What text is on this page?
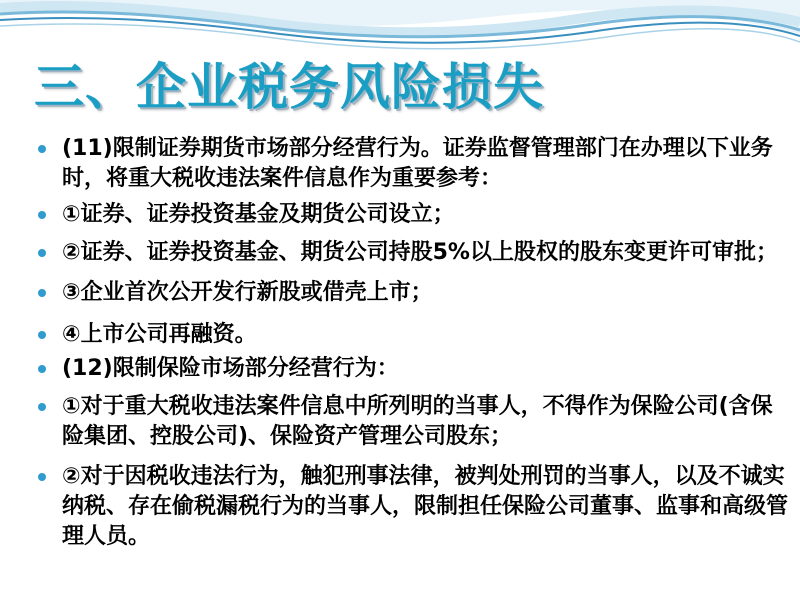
三、企业税务风险损失
(11)限制证券期货市场部分经营行为。证券监督管理部门在办理以下业务时，将重大税收违法案件信息作为重要参考：
①证券、证券投资基金及期货公司设立；
②证券、证券投资基金、期货公司持股5%以上股权的股东变更许可审批；
③企业首次公开发行新股或借壳上市；
④上市公司再融资。
(12)限制保险市场部分经营行为：
①对于重大税收违法案件信息中所列明的当事人，不得作为保险公司(含保险集团、控股公司)、保险资产管理公司股东；
②对于因税收违法行为，触犯刑事法律，被判处刑罚的当事人，以及不诚实纳税、存在偷税漏税行为的当事人，限制担任保险公司董事、监事和高级管理人员。
